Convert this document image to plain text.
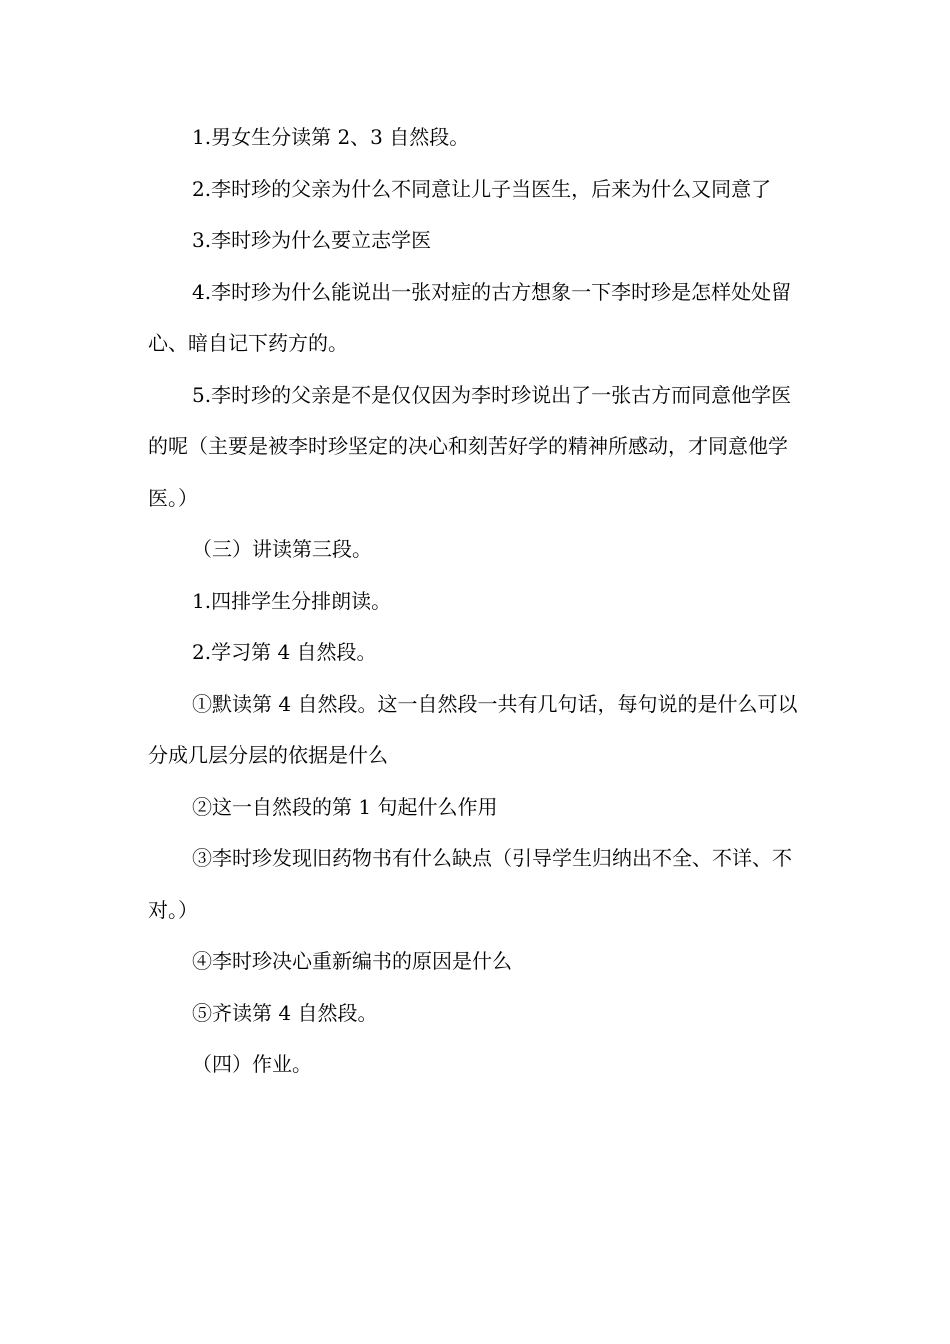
1.男女生分读第 2、3 自然段。

2.李时珍的父亲为什么不同意让儿子当医生，后来为什么又同意了

3.李时珍为什么要立志学医

4.李时珍为什么能说出一张对症的古方想象一下李时珍是怎样处处留心、暗自记下药方的。

5.李时珍的父亲是不是仅仅因为李时珍说出了一张古方而同意他学医的呢（主要是被李时珍坚定的决心和刻苦好学的精神所感动，才同意他学医。）

（三）讲读第三段。

1.四排学生分排朗读。

2.学习第 4 自然段。

①默读第 4 自然段。这一自然段一共有几句话，每句说的是什么可以分成几层分层的依据是什么

②这一自然段的第 1 句起什么作用

③李时珍发现旧药物书有什么缺点（引导学生归纳出不全、不详、不对。）

④李时珍决心重新编书的原因是什么

⑤齐读第 4 自然段。

（四）作业。
